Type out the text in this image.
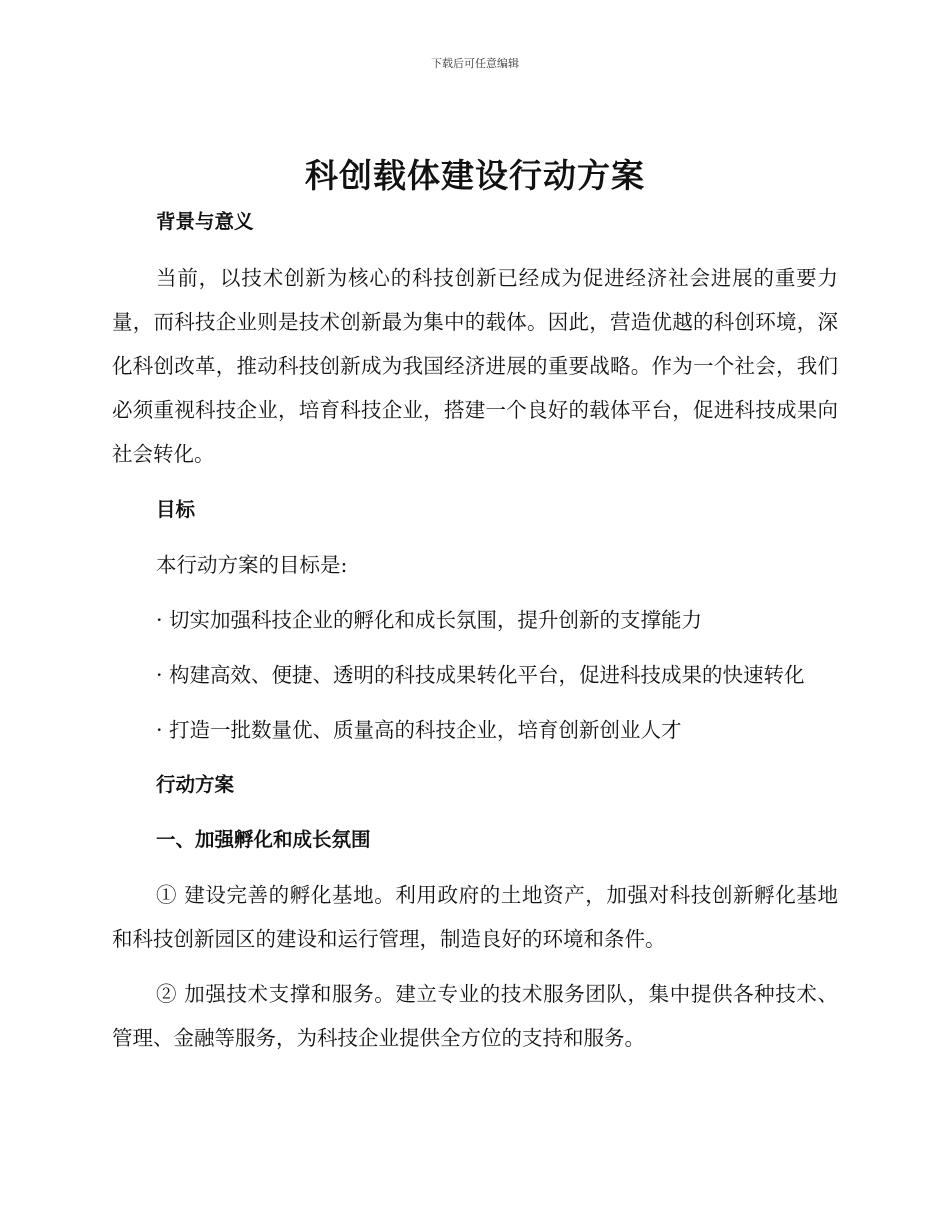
下载后可任意编辑
科创载体建设行动方案

背景与意义

当前，以技术创新为核心的科技创新已经成为促进经济社会进展的重要力量，而科技企业则是技术创新最为集中的载体。因此，营造优越的科创环境，深化科创改革，推动科技创新成为我国经济进展的重要战略。作为一个社会，我们必须重视科技企业，培育科技企业，搭建一个良好的载体平台，促进科技成果向社会转化。

目标

本行动方案的目标是:

· 切实加强科技企业的孵化和成长氛围，提升创新的支撑能力

· 构建高效、便捷、透明的科技成果转化平台，促进科技成果的快速转化

· 打造一批数量优、质量高的科技企业，培育创新创业人才

行动方案

一、加强孵化和成长氛围

① 建设完善的孵化基地。利用政府的土地资产，加强对科技创新孵化基地和科技创新园区的建设和运行管理，制造良好的环境和条件。

② 加强技术支撑和服务。建立专业的技术服务团队，集中提供各种技术、管理、金融等服务，为科技企业提供全方位的支持和服务。
